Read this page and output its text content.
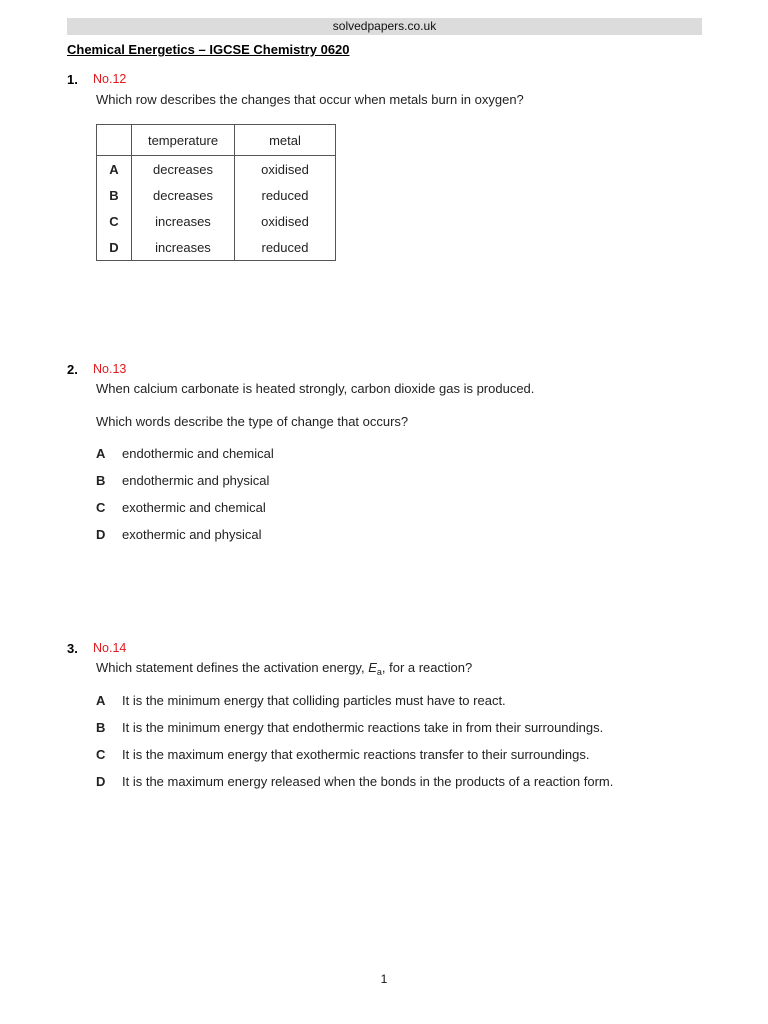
solvedpapers.co.uk
Chemical Energetics – IGCSE Chemistry 0620
1. No.12
Which row describes the changes that occur when metals burn in oxygen?
	temperature	metal
A	decreases	oxidised
B	decreases	reduced
C	increases	oxidised
D	increases	reduced
2. No.13
When calcium carbonate is heated strongly, carbon dioxide gas is produced.
Which words describe the type of change that occurs?
A endothermic and chemical
B endothermic and physical
C exothermic and chemical
D exothermic and physical
3. No.14
Which statement defines the activation energy, $E_a$, for a reaction?
A It is the minimum energy that colliding particles must have to react.
B It is the minimum energy that endothermic reactions take in from their surroundings.
C It is the maximum energy that exothermic reactions transfer to their surroundings.
D It is the maximum energy released when the bonds in the products of a reaction form.
1
